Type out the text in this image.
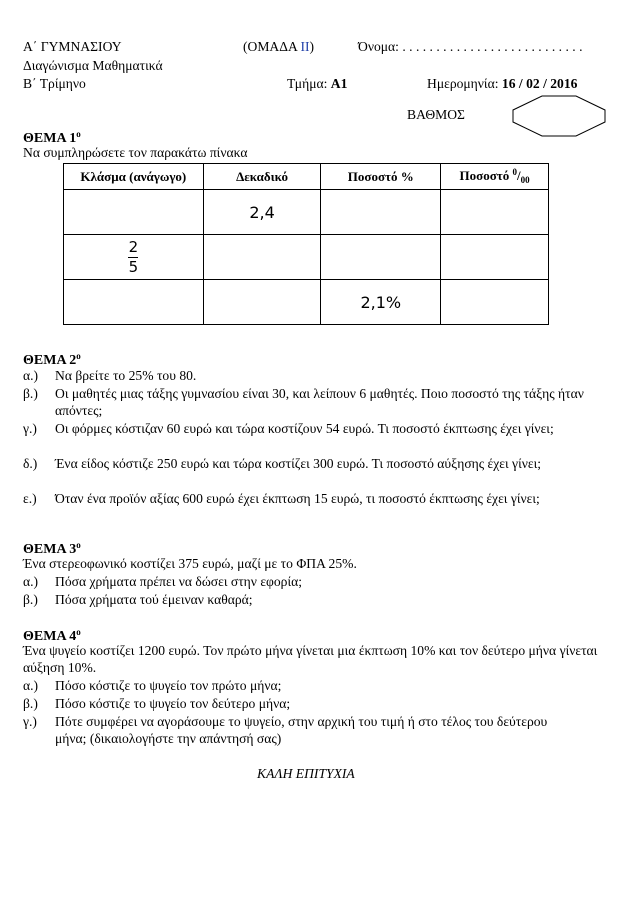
Α΄ ΓΥΜΝΑΣΙΟΥ	(ΟΜΑΔΑ ΙΙ)	Όνομα: . . . . . . . . . . . . . . . . . . . . . . . . . . .
Διαγώνισμα Μαθηματικά
Β΄ Τρίμηνο	Τμήμα: Α1	Ημερομηνία: 16 / 02 / 2016
ΒΑΘΜΟΣ
ΘΕΜΑ $1^o$
Να συμπληρώσετε τον παρακάτω πίνακα
Κλάσμα (ανάγωγο)	Δεκαδικό	Ποσοστό %	Ποσοστό $^0/_{00}$
	2,4		

$\frac{2}{5}$

		2,1%	
ΘΕΜΑ $2^o$
α.) Να βρείτε το 25% του 80.
β.) Οι μαθητές μιας τάξης γυμνασίου είναι 30, και λείπουν 6 μαθητές. Ποιο ποσοστό της τάξης ήταν απόντες;
γ.) Οι φόρμες κόστιζαν 60 ευρώ και τώρα κοστίζουν 54 ευρώ. Τι ποσοστό έκπτωσης έχει γίνει;
δ.) Ένα είδος κόστιζε 250 ευρώ και τώρα κοστίζει 300 ευρώ. Τι ποσοστό αύξησης έχει γίνει;
ε.) Όταν ένα προϊόν αξίας 600 ευρώ έχει έκπτωση 15 ευρώ, τι ποσοστό έκπτωσης έχει γίνει;
ΘΕΜΑ $3^o$
Ένα στερεοφωνικό κοστίζει 375 ευρώ, μαζί με το ΦΠΑ 25%.
α.) Πόσα χρήματα πρέπει να δώσει στην εφορία;
β.) Πόσα χρήματα τού έμειναν καθαρά;
ΘΕΜΑ $4^o$
Ένα ψυγείο κοστίζει 1200 ευρώ. Τον πρώτο μήνα γίνεται μια έκπτωση 10% και τον δεύτερο μήνα γίνεται αύξηση 10%.
α.) Πόσο κόστιζε το ψυγείο τον πρώτο μήνα;
β.) Πόσο κόστιζε το ψυγείο τον δεύτερο μήνα;
γ.) Πότε συμφέρει να αγοράσουμε το ψυγείο, στην αρχική του τιμή ή στο τέλος του δεύτερου μήνα; (δικαιολογήστε την απάντησή σας)
ΚΑΛΗ ΕΠΙΤΥΧΙΑ
